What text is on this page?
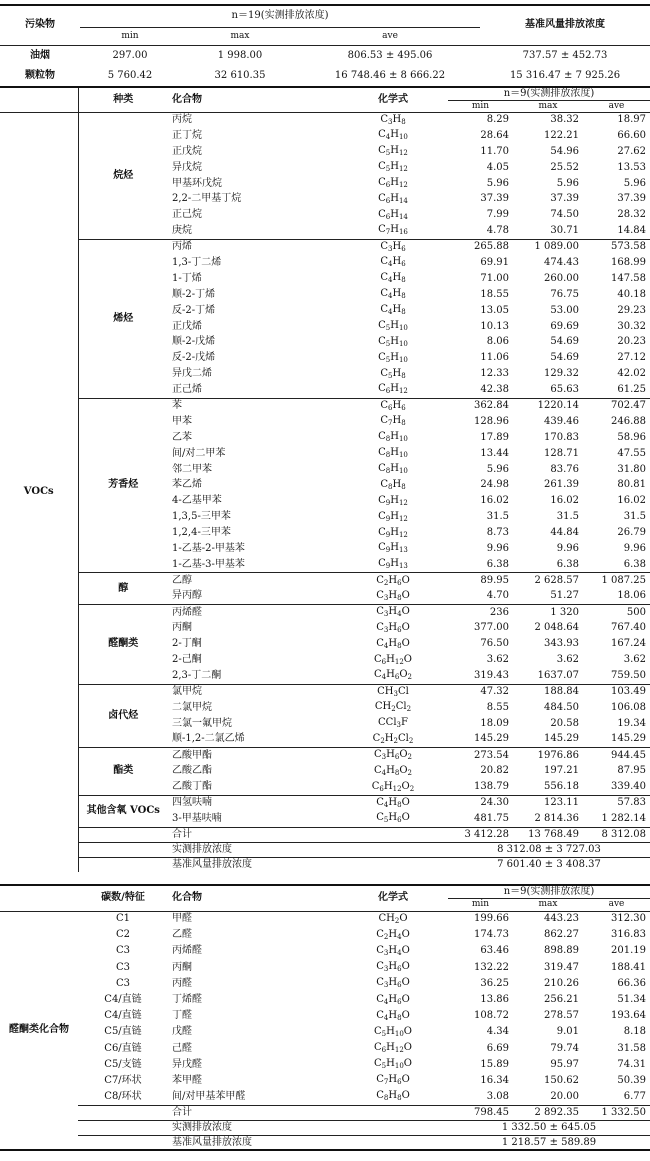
污染物	n＝19(实测排放浓度)			基准风量排放浓度
	min	max	ave	
油烟	297.00	1 998.00	806.53 ± 495.06	737.57 ± 452.73
颗粒物	5 760.42	32 610.35	16 748.46 ± 8 666.22	15 316.47 ± 7 925.26
	种类	化合物	化学式	n＝9(实测排放浓度)		
				min	max	ave
VOCs	烷烃	丙烷	$C_3H_8$	8.29	38.32	18.97
		正丁烷	$C_4H_{10}$	28.64	122.21	66.60
		正戊烷	$C_5H_{12}$	11.70	54.96	27.62
		异戊烷	$C_5H_{12}$	4.05	25.52	13.53
		甲基环戊烷	$C_6H_{12}$	5.96	5.96	5.96
		2,2-二甲基丁烷	$C_6H_{14}$	37.39	37.39	37.39
		正己烷	$C_6H_{14}$	7.99	74.50	28.32
		庚烷	$C_7H_{16}$	4.78	30.71	14.84
	烯烃	丙烯	$C_3H_6$	265.88	1 089.00	573.58
		1,3-丁二烯	$C_4H_6$	69.91	474.43	168.99
		1-丁烯	$C_4H_8$	71.00	260.00	147.58
		顺-2-丁烯	$C_4H_8$	18.55	76.75	40.18
		反-2-丁烯	$C_4H_8$	13.05	53.00	29.23
		正戊烯	$C_5H_{10}$	10.13	69.69	30.32
		顺-2-戊烯	$C_5H_{10}$	8.06	54.69	20.23
		反-2-戊烯	$C_5H_{10}$	11.06	54.69	27.12
		异戊二烯	$C_5H_8$	12.33	129.32	42.02
		正己烯	$C_6H_{12}$	42.38	65.63	61.25
	芳香烃	苯	$C_6H_6$	362.84	1220.14	702.47
		甲苯	$C_7H_8$	128.96	439.46	246.88
		乙苯	$C_8H_{10}$	17.89	170.83	58.96
		间/对二甲苯	$C_8H_{10}$	13.44	128.71	47.55
		邻二甲苯	$C_8H_{10}$	5.96	83.76	31.80
		苯乙烯	$C_8H_8$	24.98	261.39	80.81
		4-乙基甲苯	$C_9H_{12}$	16.02	16.02	16.02
		1,3,5-三甲苯	$C_9H_{12}$	31.5	31.5	31.5
		1,2,4-三甲苯	$C_9H_{12}$	8.73	44.84	26.79
		1-乙基-2-甲基苯	$C_9H_{13}$	9.96	9.96	9.96
		1-乙基-3-甲基苯	$C_9H_{13}$	6.38	6.38	6.38
	醇	乙醇	$C_2H_6O$	89.95	2 628.57	1 087.25
		异丙醇	$C_3H_8O$	4.70	51.27	18.06
	醛酮类	丙烯醛	$C_3H_4O$	236	1 320	500
		丙酮	$C_3H_6O$	377.00	2 048.64	767.40
		2-丁酮	$C_4H_8O$	76.50	343.93	167.24
		2-己酮	$C_6H_{12}O$	3.62	3.62	3.62
		2,3-丁二酮	$C_4H_6O_2$	319.43	1637.07	759.50
	卤代烃	氯甲烷	$CH_3Cl$	47.32	188.84	103.49
		二氯甲烷	$CH_2Cl_2$	8.55	484.50	106.08
		三氯一氟甲烷	CCl$_3$F	18.09	20.58	19.34
		顺-1,2-二氯乙烯	$C_2H_2Cl_2$	145.29	145.29	145.29
	酯类	乙酸甲酯	$C_3H_6O_2$	273.54	1976.86	944.45
		乙酸乙酯	$C_4H_8O_2$	20.82	197.21	87.95
		乙酸丁酯	$C_6H_{12}O_2$	138.79	556.18	339.40
	其他含氧 VOCs	四氢呋喃	$C_4H_8O$	24.30	123.11	57.83
		3-甲基呋喃	$C_5H_6O$	481.75	2 814.36	1 282.14
		合计		3 412.28	13 768.49	8 312.08
		实测排放浓度		8 312.08 ± 3 727.03		
		基准风量排放浓度		7 601.40 ± 3 408.37		
	碳数/特征	化合物	化学式	n＝9(实测排放浓度)		
				min	max	ave
醛酮类化合物	C1	甲醛	$CH_2O$	199.66	443.23	312.30
	C2	乙醛	$C_2H_4O$	174.73	862.27	316.83
	C3	丙烯醛	$C_3H_4O$	63.46	898.89	201.19
	C3	丙酮	$C_3H_6O$	132.22	319.47	188.41
	C3	丙醛	$C_3H_6O$	36.25	210.26	66.36
	C4/直链	丁烯醛	$C_4H_6O$	13.86	256.21	51.34
	C4/直链	丁醛	$C_4H_8O$	108.72	278.57	193.64
	C5/直链	戊醛	$C_5H_{10}O$	4.34	9.01	8.18
	C6/直链	己醛	$C_6H_{12}O$	6.69	79.74	31.58
	C5/支链	异戊醛	$C_5H_{10}O$	15.89	95.97	74.31
	C7/环状	苯甲醛	$C_7H_6O$	16.34	150.62	50.39
	C8/环状	间/对甲基苯甲醛	$C_8H_8O$	3.08	20.00	6.77
		合计		798.45	2 892.35	1 332.50
		实测排放浓度		1 332.50 ± 645.05		
		基准风量排放浓度		1 218.57 ± 589.89		
